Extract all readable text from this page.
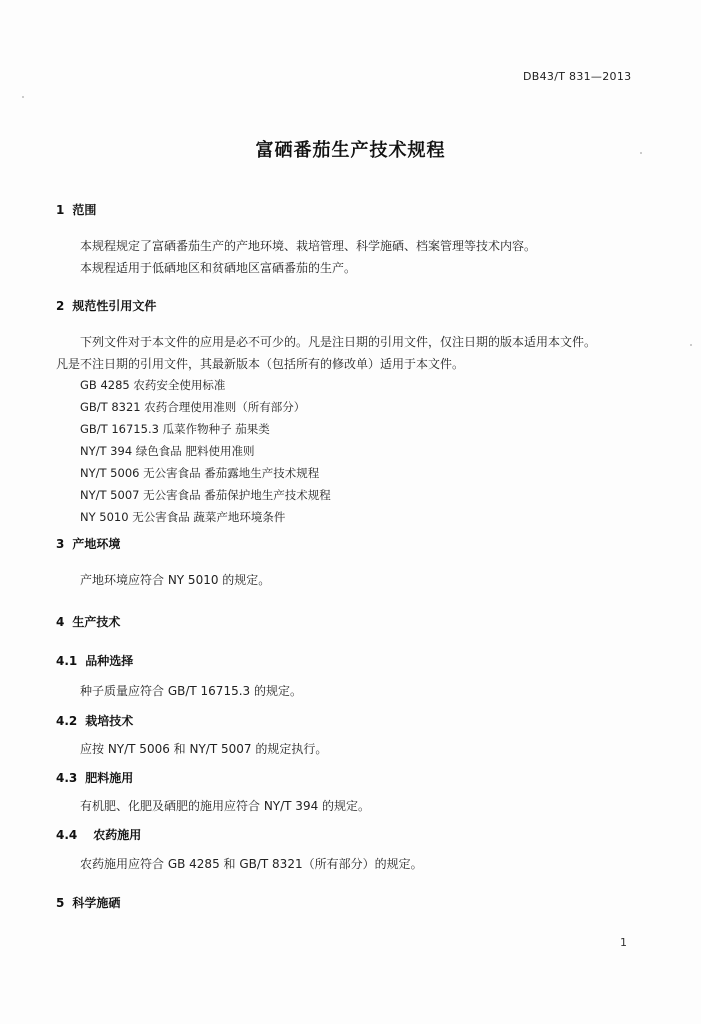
DB43/T 831—2013
富硒番茄生产技术规程
1 范围
本规程规定了富硒番茄生产的产地环境、栽培管理、科学施硒、档案管理等技术内容。
本规程适用于低硒地区和贫硒地区富硒番茄的生产。
2 规范性引用文件
下列文件对于本文件的应用是必不可少的。凡是注日期的引用文件，仅注日期的版本适用本文件。
凡是不注日期的引用文件，其最新版本（包括所有的修改单）适用于本文件。
GB 4285 农药安全使用标准
GB/T 8321 农药合理使用准则（所有部分）
GB/T 16715.3 瓜菜作物种子 茄果类
NY/T 394 绿色食品 肥料使用准则
NY/T 5006 无公害食品 番茄露地生产技术规程
NY/T 5007 无公害食品 番茄保护地生产技术规程
NY 5010 无公害食品 蔬菜产地环境条件
3 产地环境
产地环境应符合 NY 5010 的规定。
4 生产技术
4.1 品种选择
种子质量应符合 GB/T 16715.3 的规定。
4.2 栽培技术
应按 NY/T 5006 和 NY/T 5007 的规定执行。
4.3 肥料施用
有机肥、化肥及硒肥的施用应符合 NY/T 394 的规定。
4.4 农药施用
农药施用应符合 GB 4285 和 GB/T 8321（所有部分）的规定。
5 科学施硒
1
